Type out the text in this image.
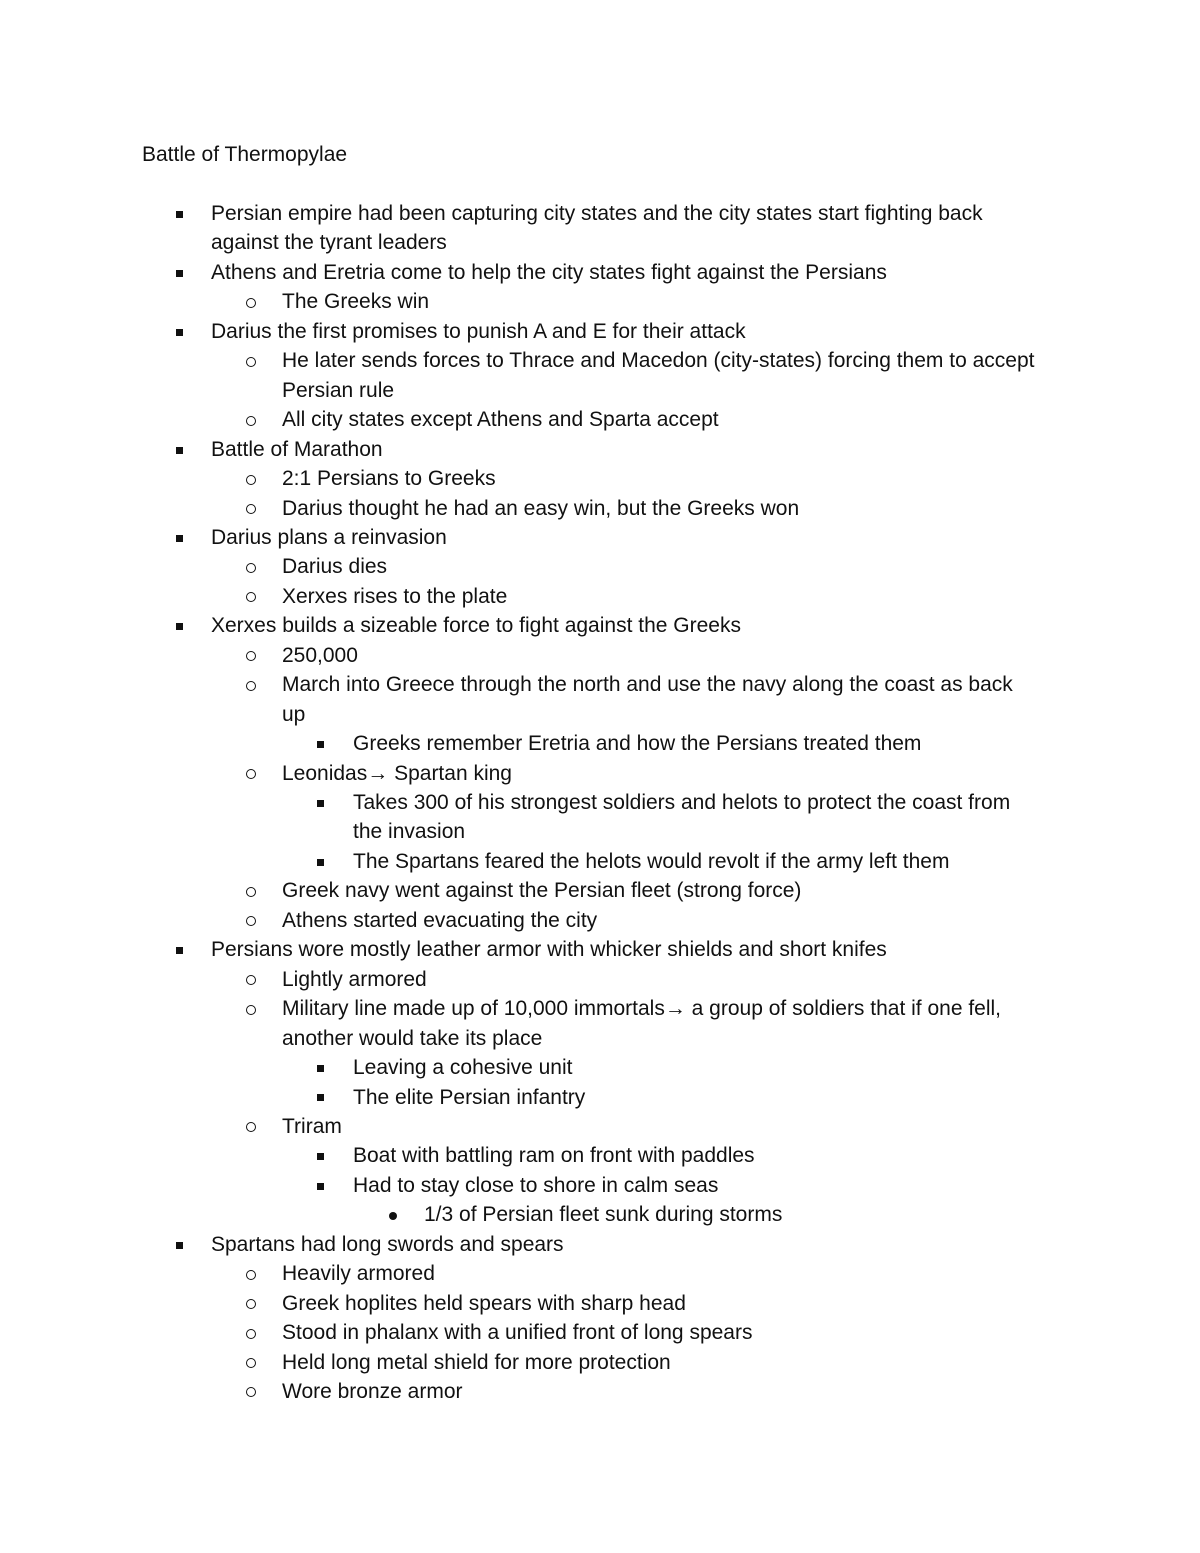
Battle of Thermopylae
Persian empire had been capturing city states and the city states start fighting back
against the tyrant leaders
Athens and Eretria come to help the city states fight against the Persians
The Greeks win
Darius the first promises to punish A and E for their attack
He later sends forces to Thrace and Macedon (city-states) forcing them to accept
Persian rule
All city states except Athens and Sparta accept
Battle of Marathon
2:1 Persians to Greeks
Darius thought he had an easy win, but the Greeks won
Darius plans a reinvasion
Darius dies
Xerxes rises to the plate
Xerxes builds a sizeable force to fight against the Greeks
250,000
March into Greece through the north and use the navy along the coast as back
up
Greeks remember Eretria and how the Persians treated them
Leonidas→ Spartan king
Takes 300 of his strongest soldiers and helots to protect the coast from
the invasion
The Spartans feared the helots would revolt if the army left them
Greek navy went against the Persian fleet (strong force)
Athens started evacuating the city
Persians wore mostly leather armor with whicker shields and short knifes
Lightly armored
Military line made up of 10,000 immortals→ a group of soldiers that if one fell,
another would take its place
Leaving a cohesive unit
The elite Persian infantry
Triram
Boat with battling ram on front with paddles
Had to stay close to shore in calm seas
1/3 of Persian fleet sunk during storms
Spartans had long swords and spears
Heavily armored
Greek hoplites held spears with sharp head
Stood in phalanx with a unified front of long spears
Held long metal shield for more protection
Wore bronze armor
